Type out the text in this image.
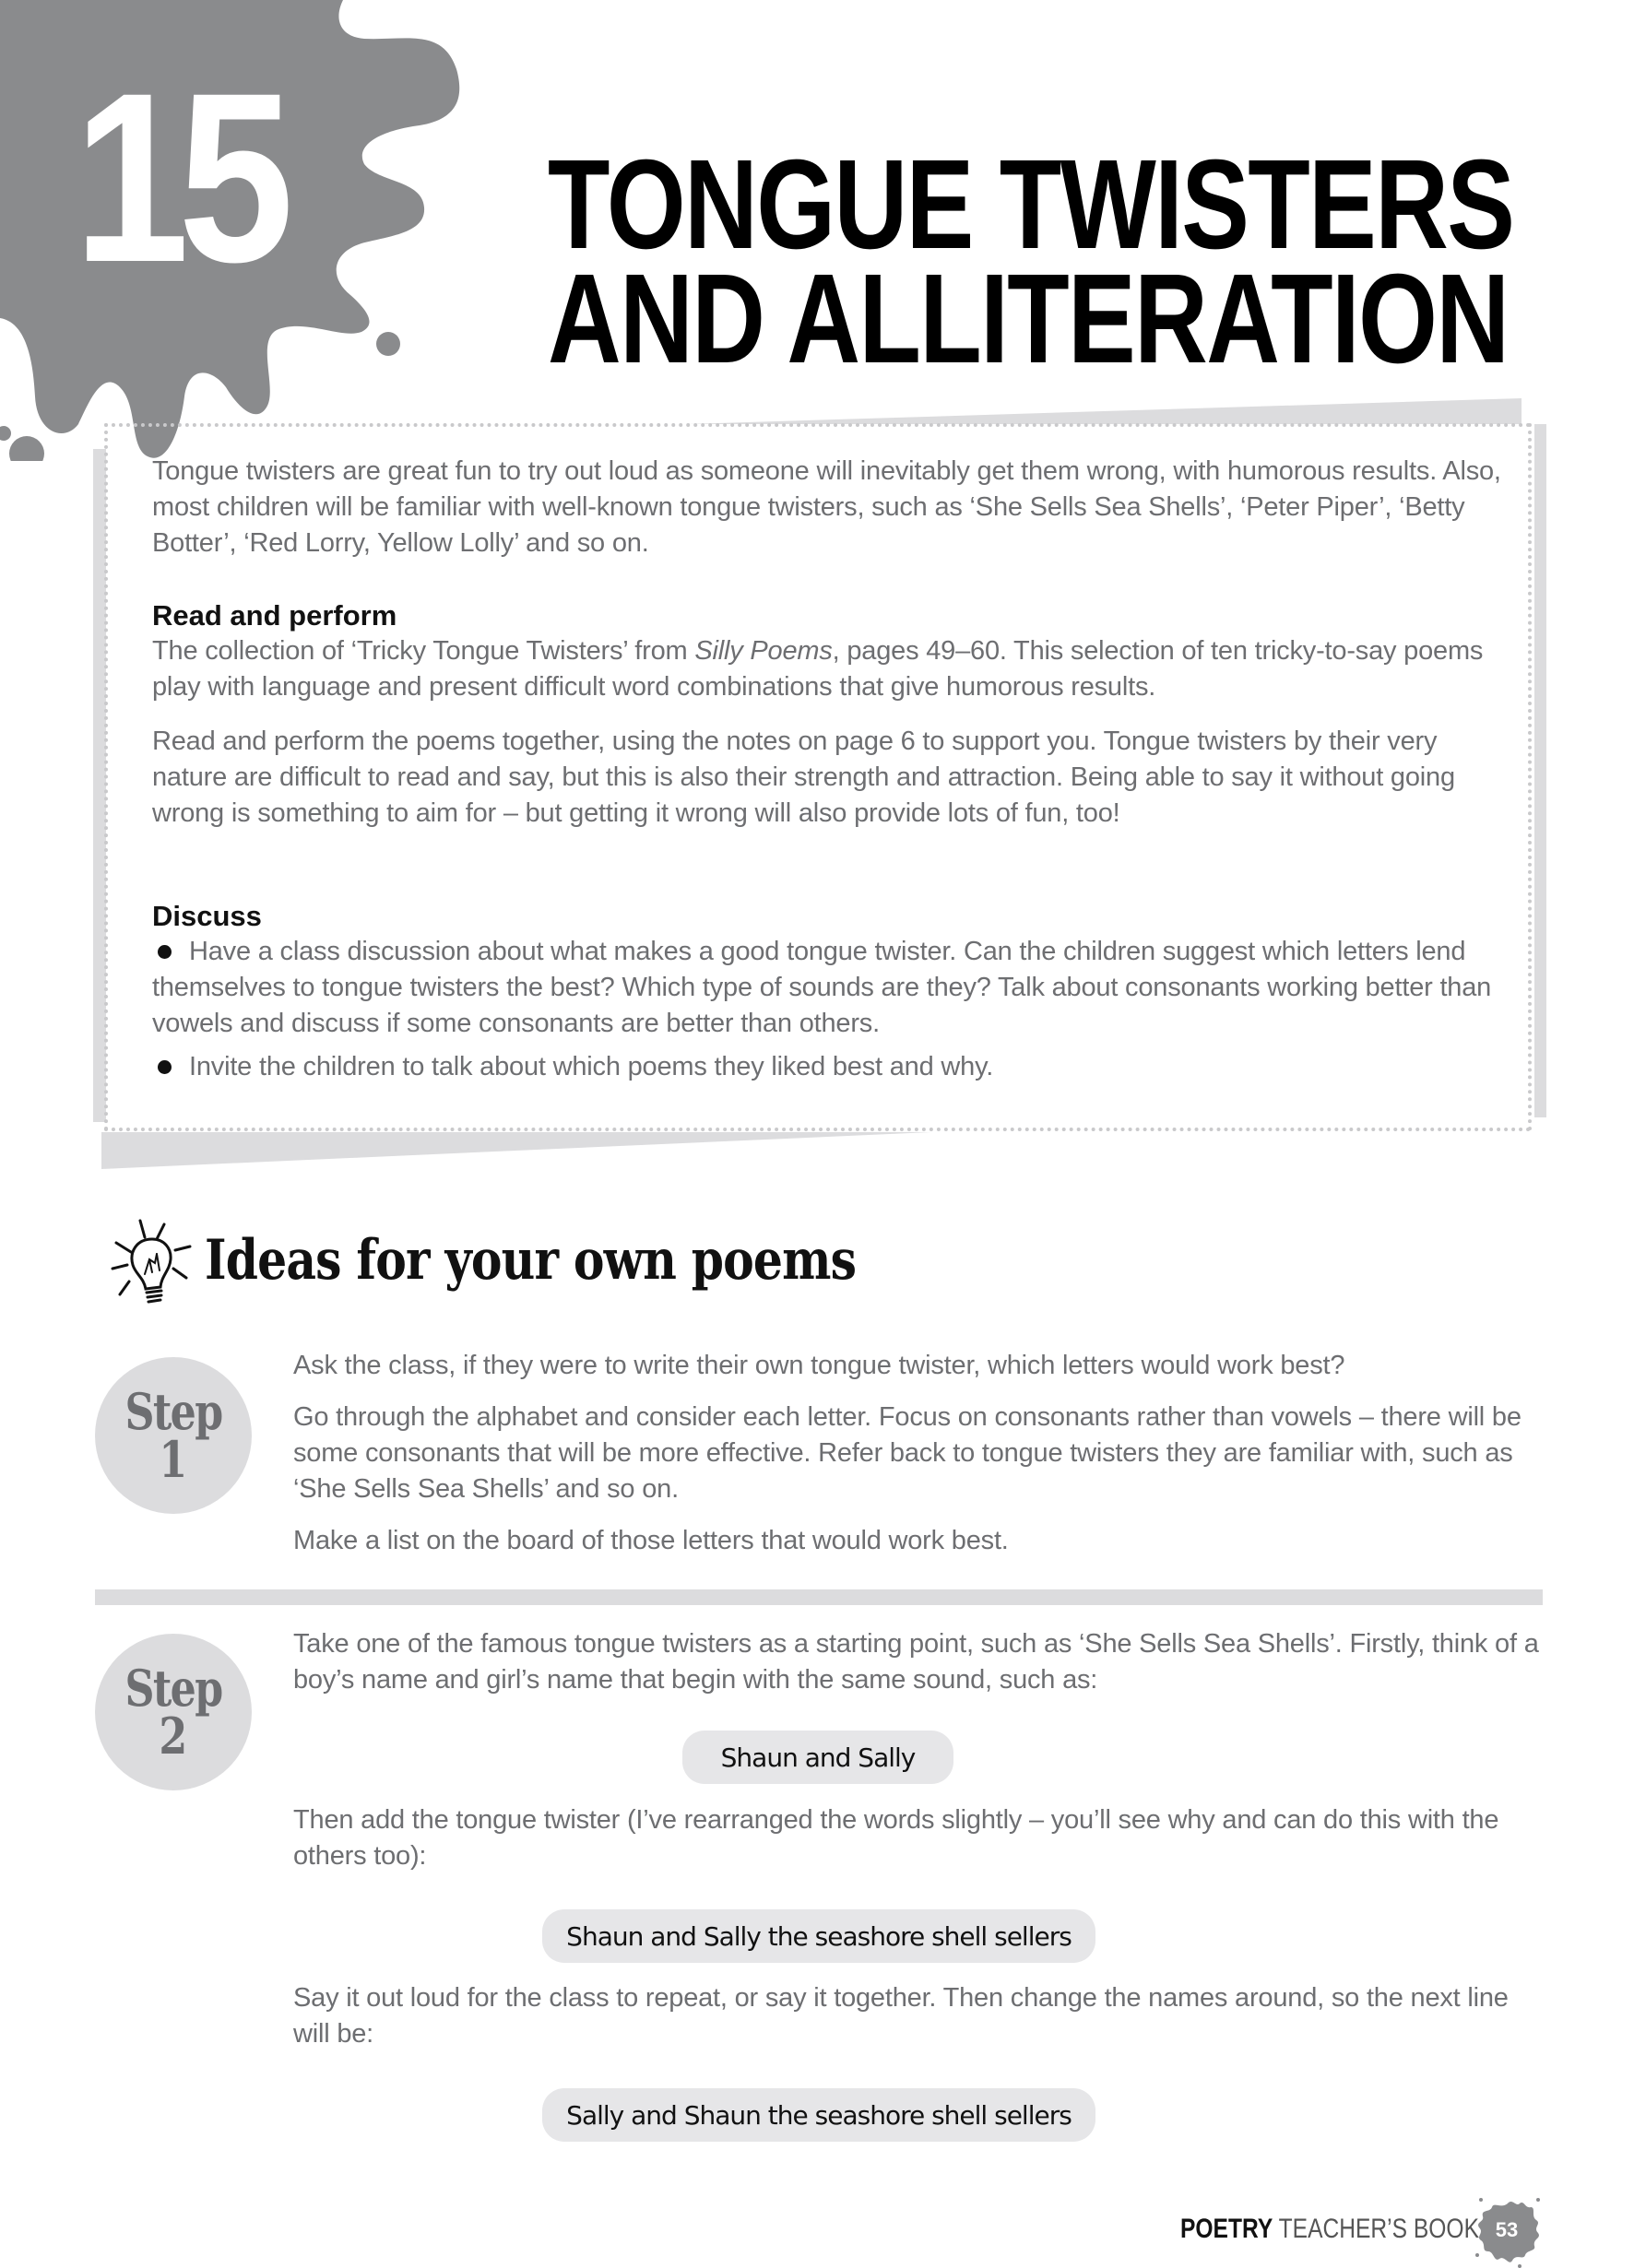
15 TONGUE TWISTERS
AND ALLITERATION
Tongue twisters are great fun to try out loud as someone will inevitably get them wrong, with humorous results. Also, most children will be familiar with well-known tongue twisters, such as ‘She Sells Sea Shells’, ‘Peter Piper’, ‘Betty Botter’, ‘Red Lorry, Yellow Lolly’ and so on.
Read and perform
The collection of ‘Tricky Tongue Twisters’ from Silly Poems, pages 49–60. This selection of ten tricky-to-say poems play with language and present difficult word combinations that give humorous results.
Read and perform the poems together, using the notes on page 6 to support you. Tongue twisters by their very nature are difficult to read and say, but this is also their strength and attraction. Being able to say it without going wrong is something to aim for – but getting it wrong will also provide lots of fun, too!
Discuss
Have a class discussion about what makes a good tongue twister. Can the children suggest which letters lend themselves to tongue twisters the best? Which type of sounds are they? Talk about consonants working better than vowels and discuss if some consonants are better than others.
Invite the children to talk about which poems they liked best and why.
Ideas for your own poems
Step
1

Ask the class, if they were to write their own tongue twister, which letters would work best?

Go through the alphabet and consider each letter. Focus on consonants rather than vowels – there will be some consonants that will be more effective. Refer back to tongue twisters they are familiar with, such as ‘She Sells Sea Shells’ and so on.

Make a list on the board of those letters that would work best.

Step
2
Take one of the famous tongue twisters as a starting point, such as ‘She Sells Sea Shells’. Firstly, think of a boy’s name and girl’s name that begin with the same sound, such as:
Shaun and Sally
Then add the tongue twister (I’ve rearranged the words slightly – you’ll see why and can do this with the others too):
Shaun and Sally the seashore shell sellers
Say it out loud for the class to repeat, or say it together. Then change the names around, so the next line will be:
Sally and Shaun the seashore shell sellers
POETRY TEACHER’S BOOK 53
